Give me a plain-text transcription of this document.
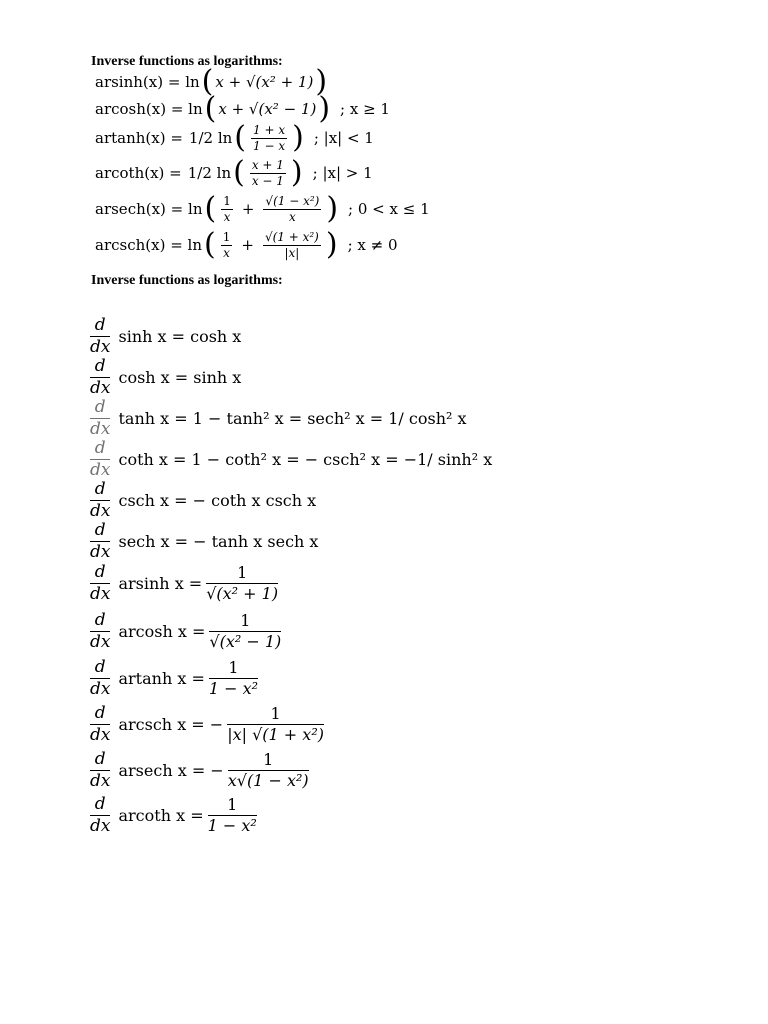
Inverse functions as logarithms:
arsinh(x) = ln ( x + √(x² + 1) )
arcosh(x) = ln ( x + √(x² − 1) ) ; x ≥ 1
artanh(x) = 1/2 ln ( $\frac{1 + x}{1 - x}$ ) ; |x| < 1
arcoth(x) = 1/2 ln ( $\frac{x + 1}{x - 1}$ ) ; |x| > 1
arsech(x) = ln ( $\frac{1}{x} + \frac{\text{√(1 − x²)}}{x}$ ) ; 0 < x ≤ 1
arcsch(x) = ln ( $\frac{1}{x} + \frac{\text{√(1 + x²)}}{|x|}$ ) ; x ≠ 0
Inverse functions as logarithms:
d
dx
sinh x = cosh x
d
dx
cosh x = sinh x
d
dx
tanh x = 1 − tanh² x = sech² x = 1/ cosh² x
d
dx
coth x = 1 − coth² x = − csch² x = −1/ sinh² x
d
dx
csch x = − coth x csch x
d
dx
sech x = − tanh x sech x
d
dx
arsinh x =
1
√(x² + 1)
d
dx
arcosh x =
1
√(x² − 1)
d
dx
artanh x =
1
1 − x²
d
dx
arcsch x = −
1
|x| √(1 + x²)
d
dx
arsech x = −
1
x√(1 − x²)
d
dx
arcoth x =
1
1 − x²
